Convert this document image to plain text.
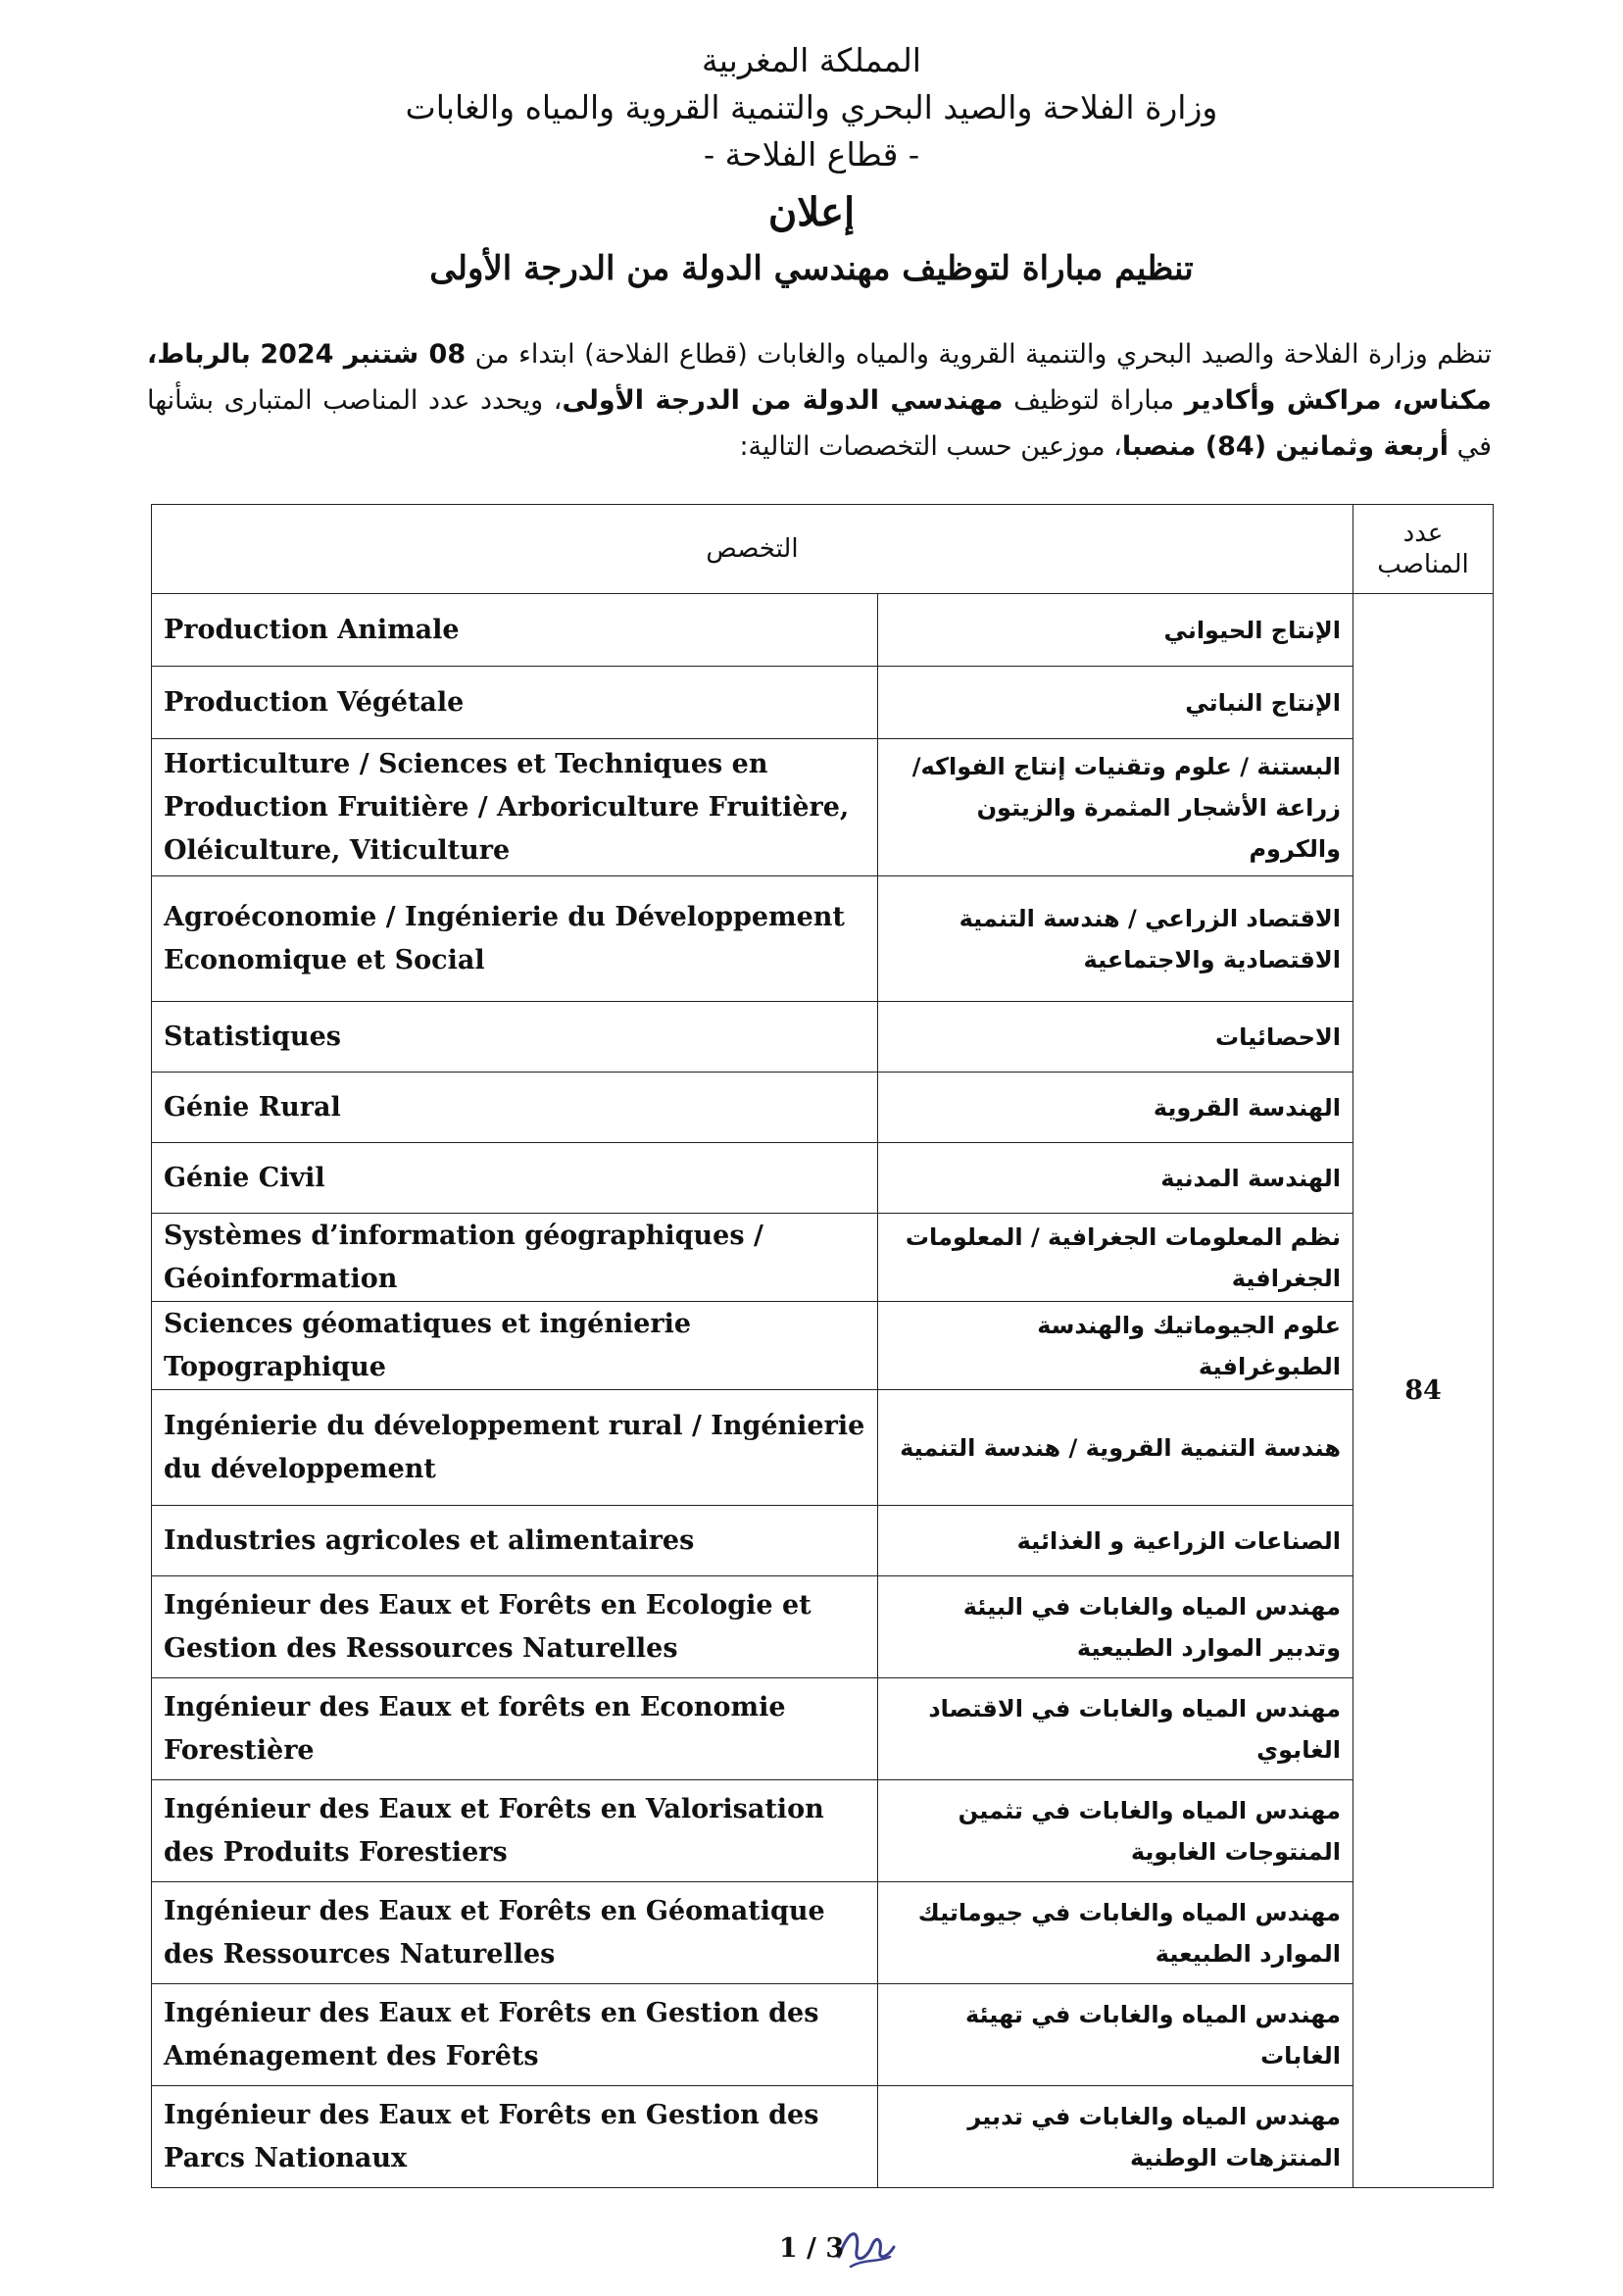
المملكة المغربية
وزارة الفلاحة والصيد البحري والتنمية القروية والمياه والغابات
- قطاع الفلاحة -
إعلان
تنظيم مباراة لتوظيف مهندسي الدولة من الدرجة الأولى
تنظم وزارة الفلاحة والصيد البحري والتنمية القروية والمياه والغابات (قطاع الفلاحة) ابتداء من 08 شتنبر 2024 بالرباط، مكناس، مراكش وأكادير مباراة لتوظيف مهندسي الدولة من الدرجة الأولى، ويحدد عدد المناصب المتبارى بشأنها في أربعة وثمانين (84) منصبا، موزعين حسب التخصصات التالية:
عدد المناصب	التخصص	
84	الإنتاج الحيواني	Production Animale
	الإنتاج النباتي	Production Végétale
	البستنة / علوم وتقنيات إنتاج الفواكه/ زراعة الأشجار المثمرة والزيتون والكروم	Horticulture / Sciences et Techniques en Production Fruitière / Arboriculture Fruitière, Oléiculture, Viticulture
	الاقتصاد الزراعي / هندسة التنمية الاقتصادية والاجتماعية	Agroéconomie / Ingénierie du Développement Economique et Social
	الاحصائيات	Statistiques
	الهندسة القروية	Génie Rural
	الهندسة المدنية	Génie Civil
	نظم المعلومات الجغرافية / المعلومات الجغرافية	Systèmes d’information géographiques / Géoinformation
	علوم الجيوماتيك والهندسة الطبوغرافية	Sciences géomatiques et ingénierie Topographique
	هندسة التنمية القروية / هندسة التنمية	Ingénierie du développement rural / Ingénierie du développement
	الصناعات الزراعية و الغذائية	Industries agricoles et alimentaires
	مهندس المياه والغابات في البيئة وتدبير الموارد الطبيعية	Ingénieur des Eaux et Forêts en Ecologie et Gestion des Ressources Naturelles
	مهندس المياه والغابات في الاقتصاد الغابوي	Ingénieur des Eaux et forêts en Economie Forestière
	مهندس المياه والغابات في تثمين المنتوجات الغابوية	Ingénieur des Eaux et Forêts en Valorisation des Produits Forestiers
	مهندس المياه والغابات في جيوماتيك الموارد الطبيعية	Ingénieur des Eaux et Forêts en Géomatique des Ressources Naturelles
	مهندس المياه والغابات في تهيئة الغابات	Ingénieur des Eaux et Forêts en Gestion des Aménagement des Forêts
	مهندس المياه والغابات في تدبير المنتزهات الوطنية	Ingénieur des Eaux et Forêts en Gestion des Parcs Nationaux
1 / 3
